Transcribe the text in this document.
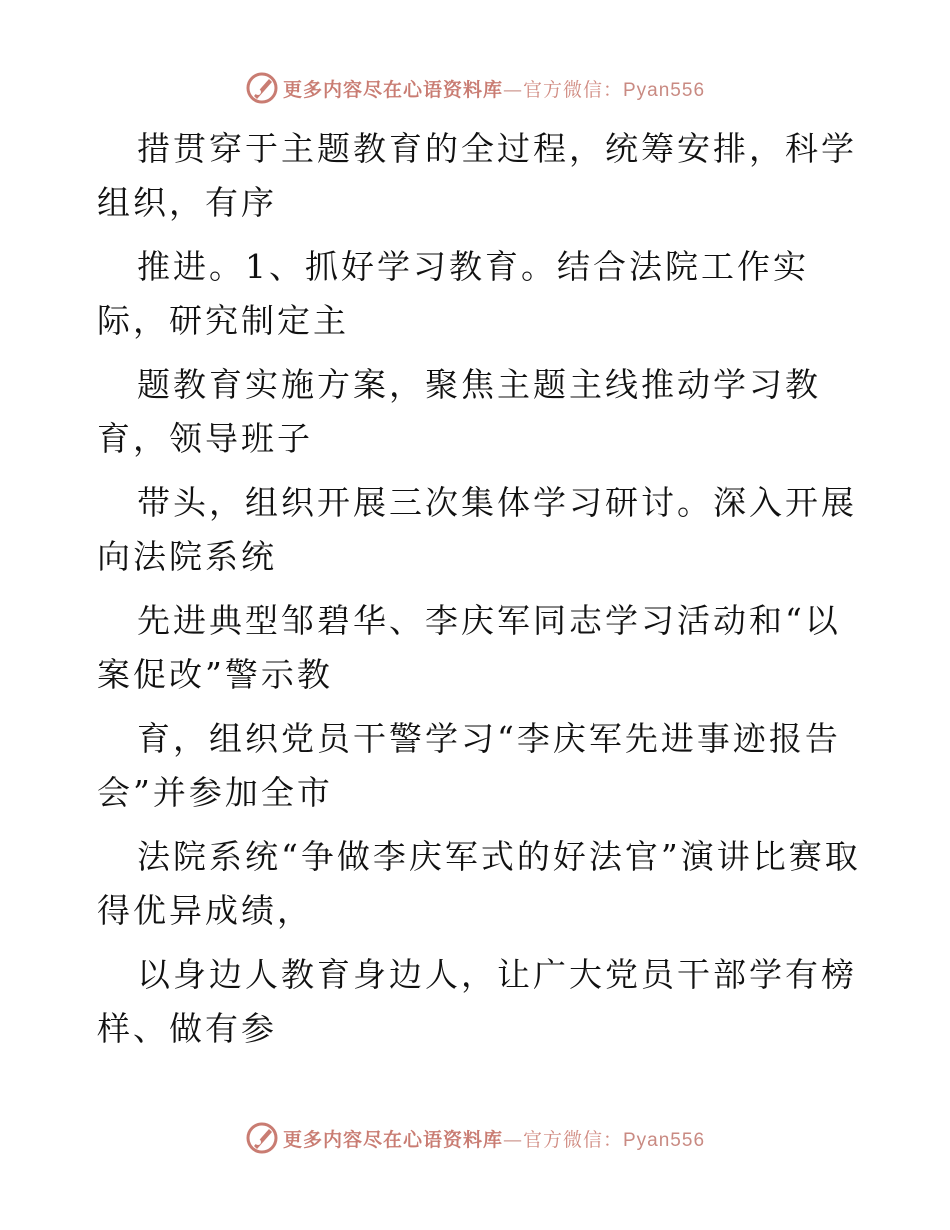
更多内容尽在心语资料库—官方微信：Pyan556

措贯穿于主题教育的全过程，统筹安排，科学组织，有序

推进。1、抓好学习教育。结合法院工作实际，研究制定主

题教育实施方案，聚焦主题主线推动学习教育，领导班子

带头，组织开展三次集体学习研讨。深入开展向法院系统

先进典型邹碧华、李庆军同志学习活动和“以案促改”警示教

育，组织党员干警学习“李庆军先进事迹报告会”并参加全市

法院系统“争做李庆军式的好法官”演讲比赛取得优异成绩，

以身边人教育身边人，让广大党员干部学有榜样、做有参

更多内容尽在心语资料库—官方微信：Pyan556
